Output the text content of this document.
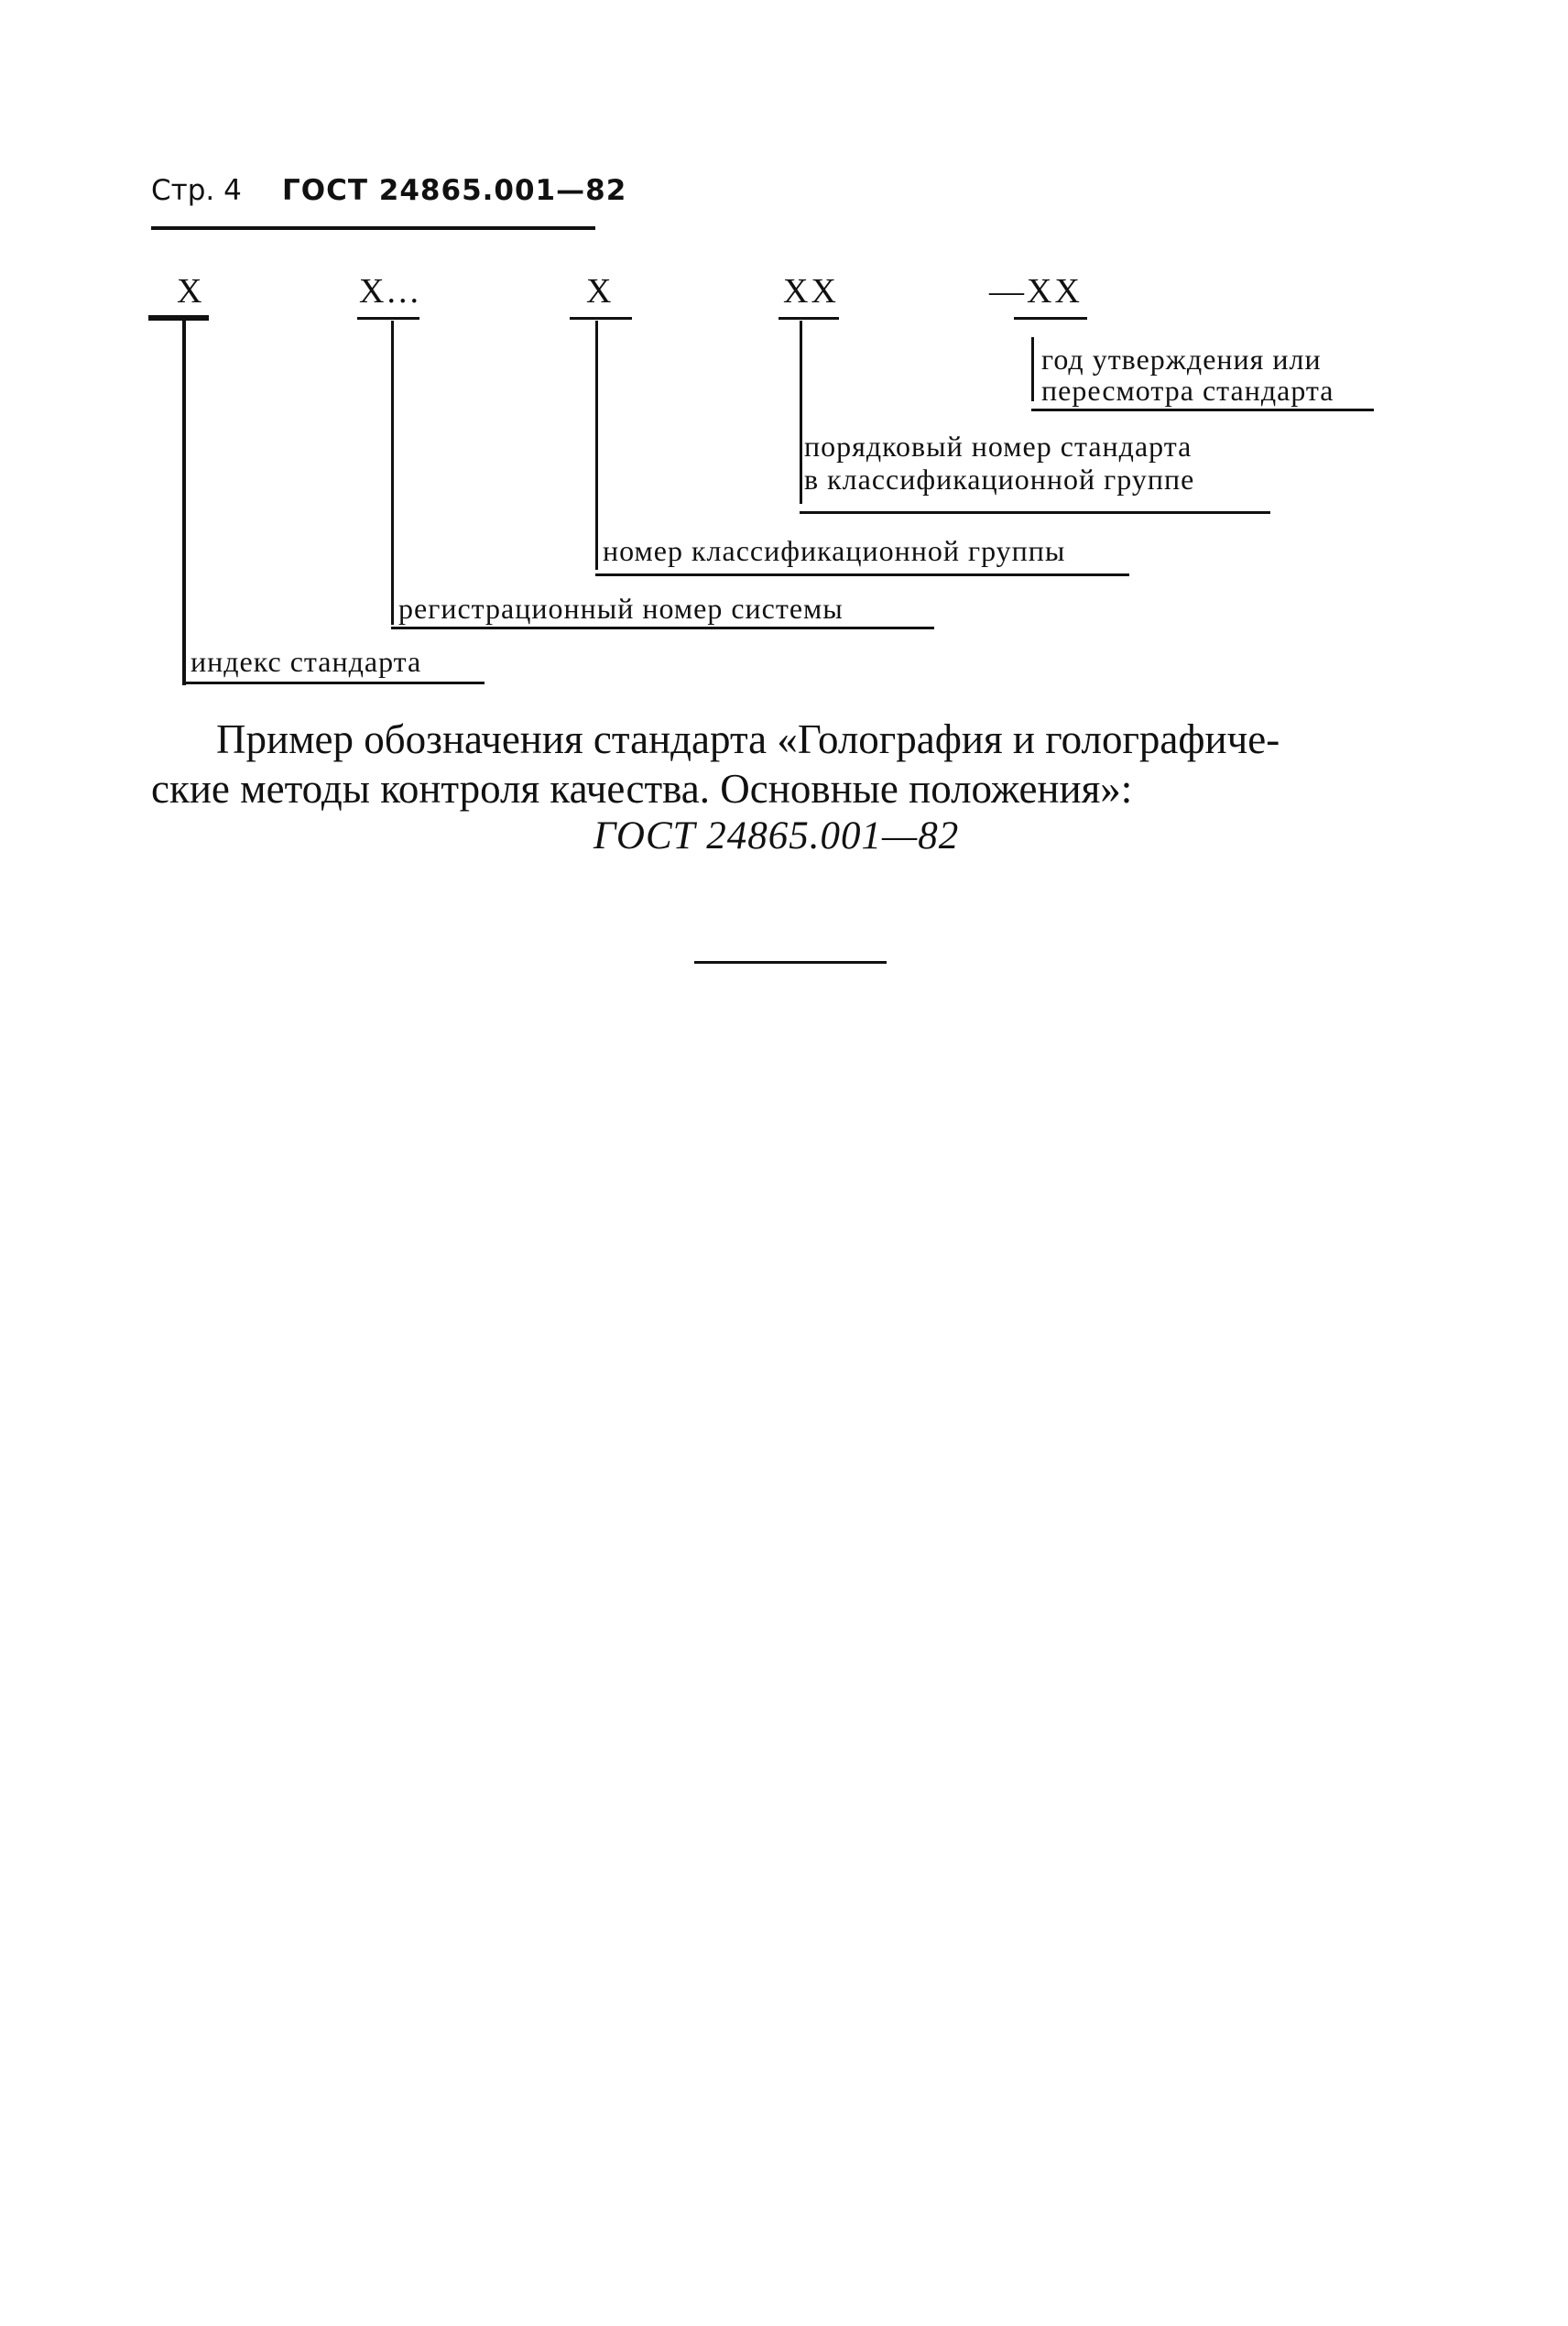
Стр. 4 ГОСТ 24865.001—82
Х	Х...	Х	ХХ	—ХХ
год утверждения или
пересмотра стандарта
порядковый номер стандарта
в классификационной группе
номер классификационной группы
регистрационный номер системы
индекс стандарта
Пример обозначения стандарта «Голография и голографиче-
ские методы контроля качества. Основные положения»:
ГОСТ 24865.001—82
